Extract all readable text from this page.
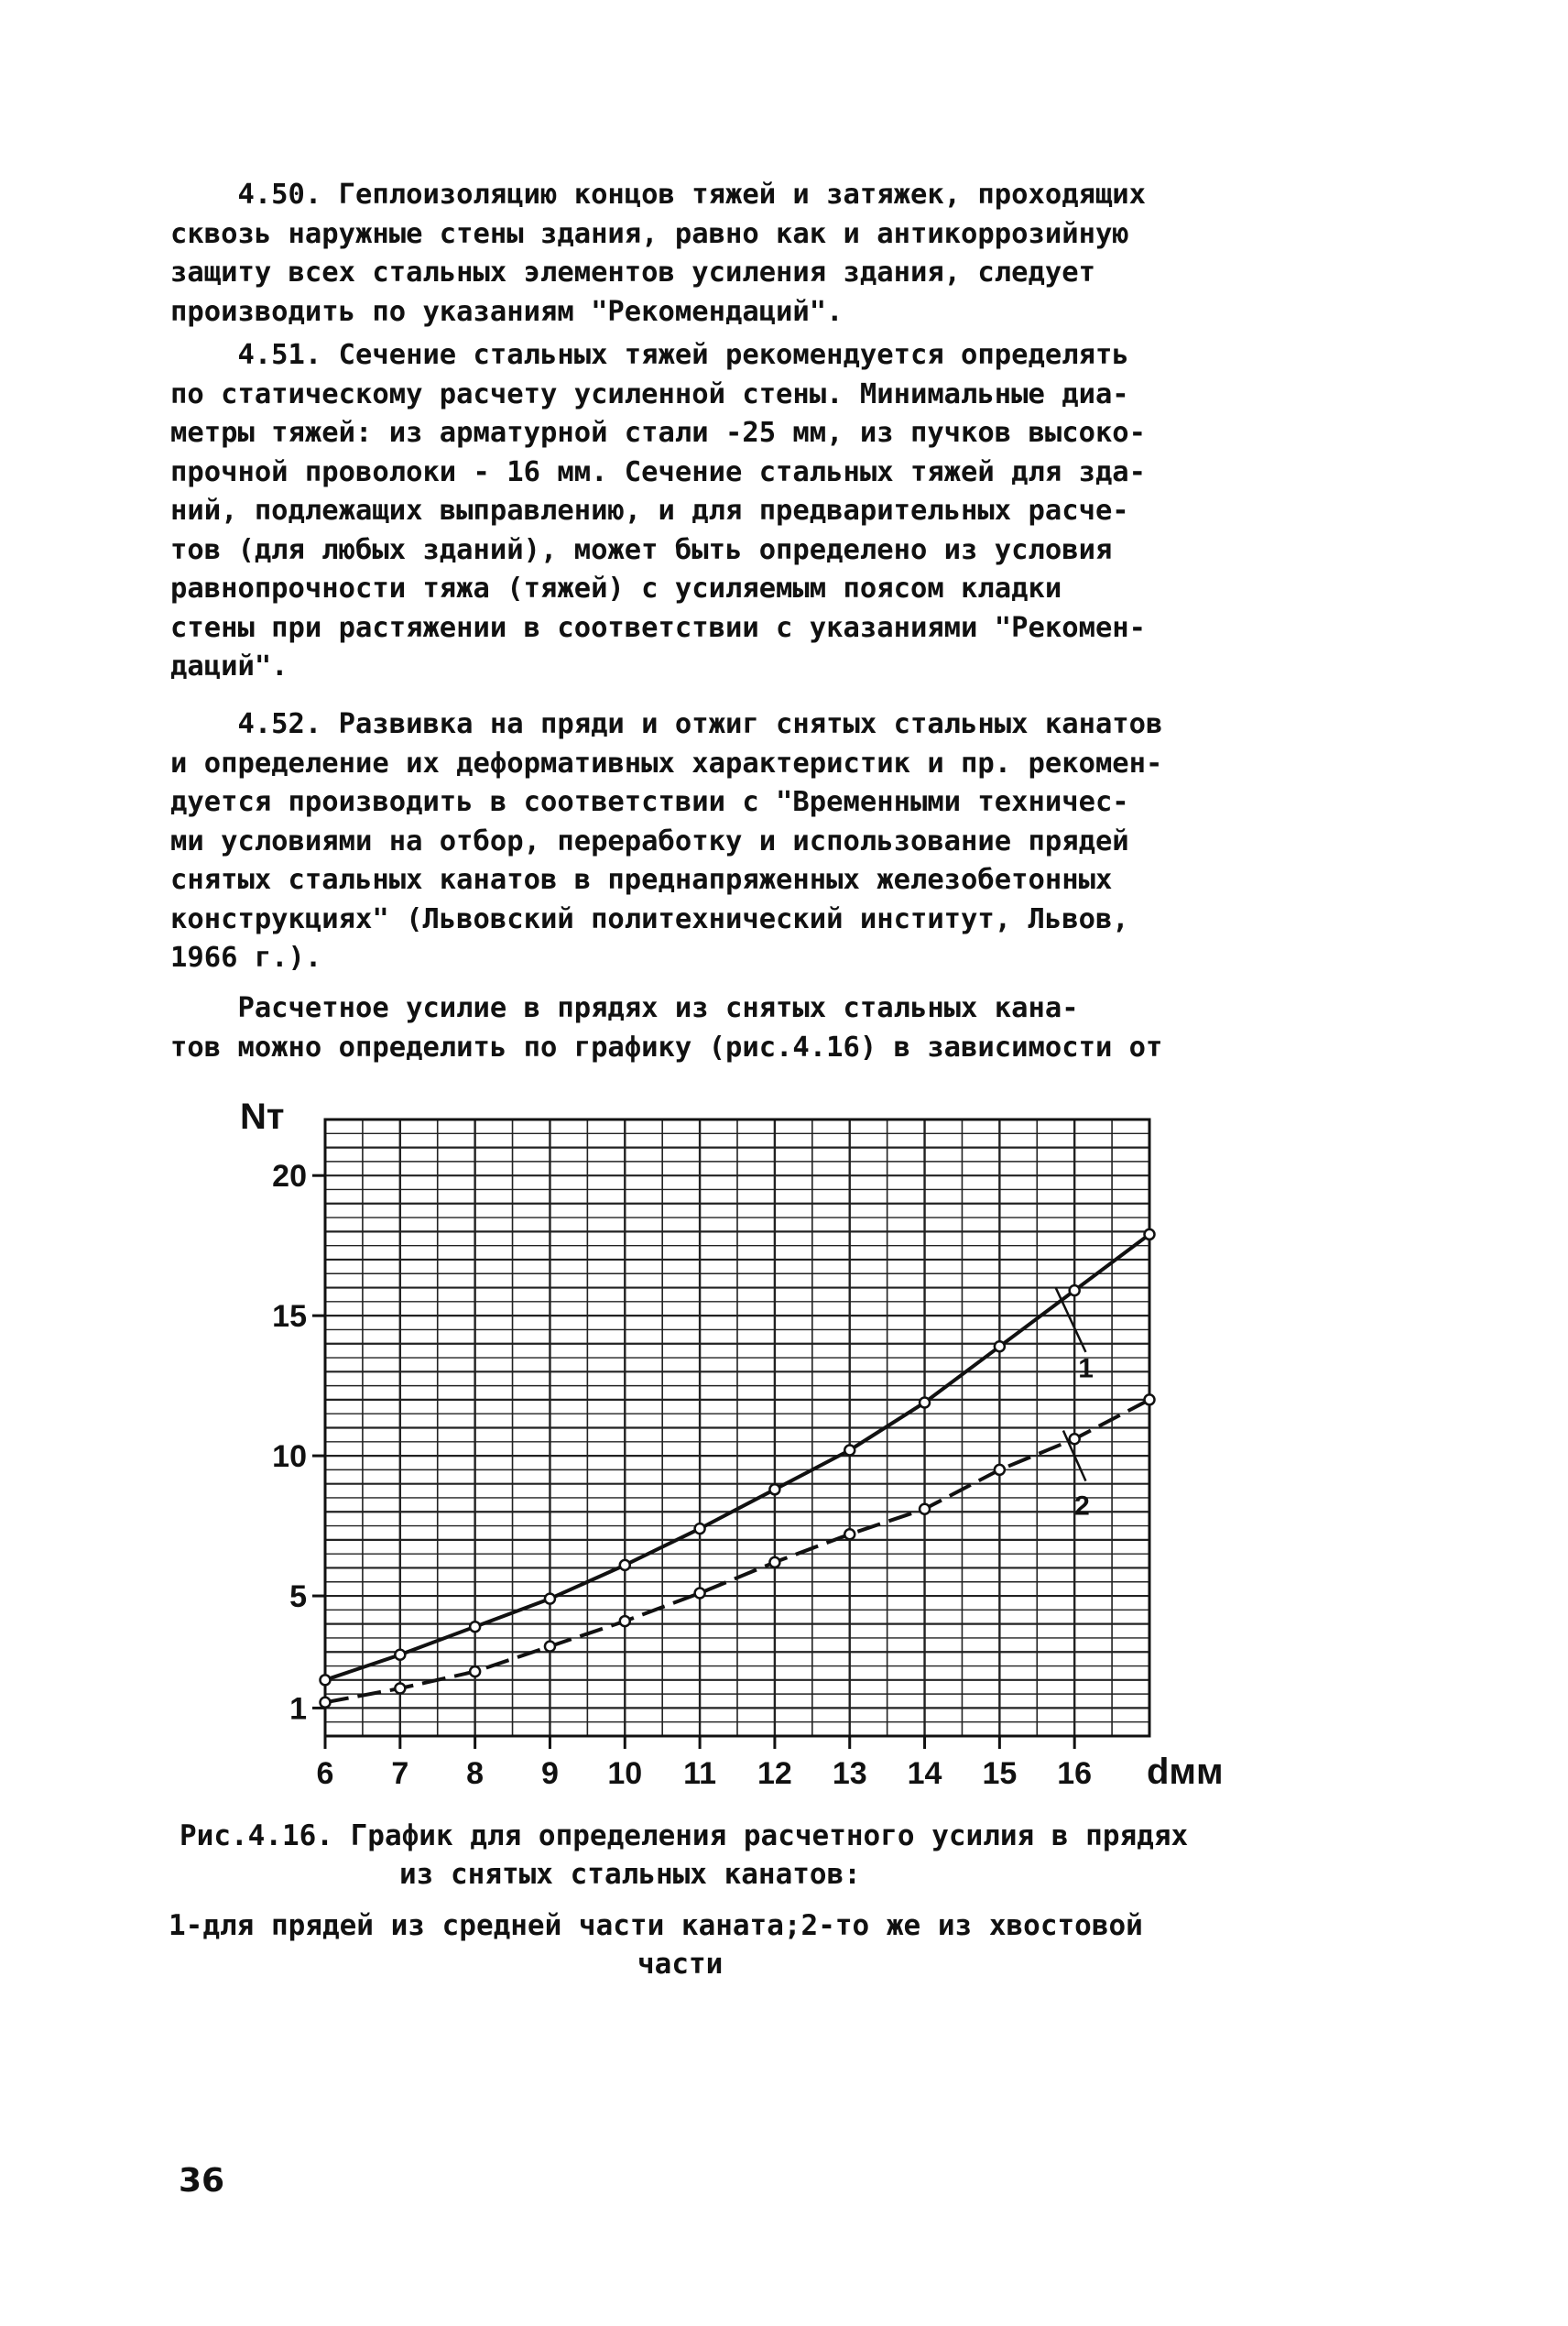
4.50. Геплоизоляцию концов тяжей и затяжек, проходящих
сквозь наружные стены здания, равно как и антикоррозийную
защиту всех стальных элементов усиления здания, следует
производить по указаниям "Рекомендаций".
4.51. Сечение стальных тяжей рекомендуется определять
по статическому расчету усиленной стены. Минимальные диа-
метры тяжей: из арматурной стали -25 мм, из пучков высоко-
прочной проволоки - 16 мм. Сечение стальных тяжей для зда-
ний, подлежащих выправлению, и для предварительных расче-
тов (для любых зданий), может быть определено из условия
равнопрочности тяжа (тяжей) с усиляемым поясом кладки
стены при растяжении в соответствии с указаниями "Рекомен-
даций".
4.52. Развивка на пряди и отжиг снятых стальных канатов
и определение их деформативных характеристик и пр. рекомен-
дуется производить в соответствии с "Временными техничес-
ми условиями на отбор, переработку и использование прядей
снятых стальных канатов в преднапряженных железобетонных
конструкциях" (Львовский политехнический институт, Львов,
1966 г.).
Расчетное усилие в прядях из снятых стальных кана-
тов можно определить по графику (рис.4.16) в зависимости от
1
5
10
15
20
6 7 8 9 10 11 12 13 14 15 16
Nт
dмм
1
2
Рис.4.16. График для определения расчетного усилия в прядях
из снятых стальных канатов:
1-для прядей из средней части каната;2-то же из хвостовой
части
36
